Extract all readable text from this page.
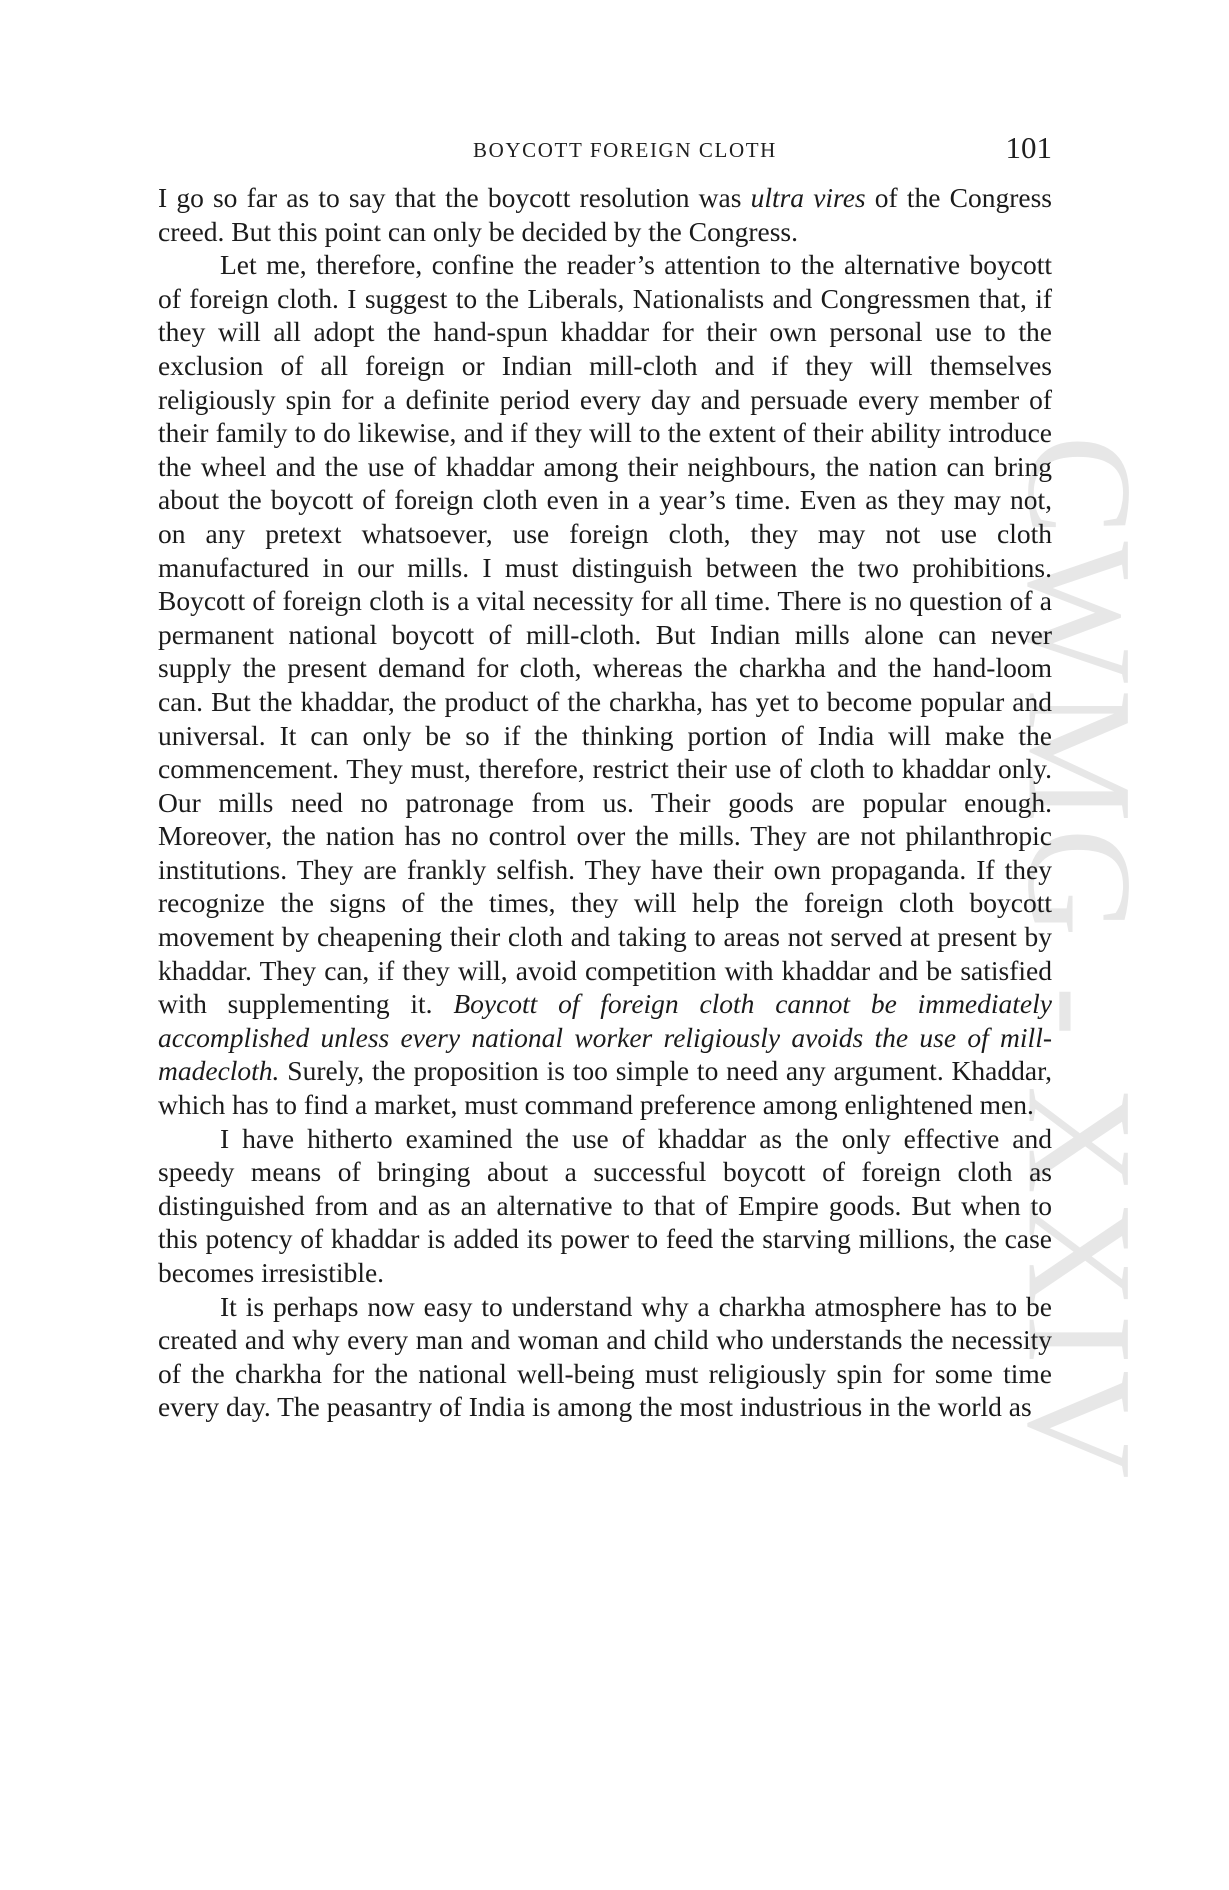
CWMG - XXIV
BOYCOTT FOREIGN CLOTH	101

I go so far as to say that the boycott resolution was ultra vires of the Congress creed. But this point can only be decided by the Congress.

Let me, therefore, confine the reader’s attention to the alternative boycott of foreign cloth. I suggest to the Liberals, Nationalists and Congressmen that, if they will all adopt the hand-spun khaddar for their own personal use to the exclusion of all foreign or Indian mill-cloth and if they will themselves religiously spin for a definite period every day and persuade every member of their family to do likewise, and if they will to the extent of their ability introduce the wheel and the use of khaddar among their neighbours, the nation can bring about the boycott of foreign cloth even in a year’s time. Even as they may not, on any pretext whatsoever, use foreign cloth, they may not use cloth manufactured in our mills. I must distinguish between the two prohibitions. Boycott of foreign cloth is a vital necessity for all time. There is no question of a permanent national boycott of mill-cloth. But Indian mills alone can never supply the present demand for cloth, whereas the charkha and the hand-loom can. But the khaddar, the product of the charkha, has yet to become popular and universal. It can only be so if the thinking portion of India will make the commencement. They must, therefore, restrict their use of cloth to khaddar only. Our mills need no patronage from us. Their goods are popular enough. Moreover, the nation has no control over the mills. They are not philanthropic institutions. They are frankly selfish. They have their own propaganda. If they recognize the signs of the times, they will help the foreign cloth boycott movement by cheapening their cloth and taking to areas not served at present by khaddar. They can, if they will, avoid competition with khaddar and be satisfied with supplementing it. Boycott of foreign cloth cannot be immediately accomplished unless every national worker religiously avoids the use of mill-madecloth. Surely, the proposition is too simple to need any argument. Khaddar, which has to find a market, must command preference among enlightened men.

I have hitherto examined the use of khaddar as the only effective and speedy means of bringing about a successful boycott of foreign cloth as distinguished from and as an alternative to that of Empire goods. But when to this potency of khaddar is added its power to feed the starving millions, the case becomes irresistible.

It is perhaps now easy to understand why a charkha atmosphere has to be created and why every man and woman and child who understands the necessity of the charkha for the national well-being must religiously spin for some time every day. The peasantry of India is among the most industrious in the world as
